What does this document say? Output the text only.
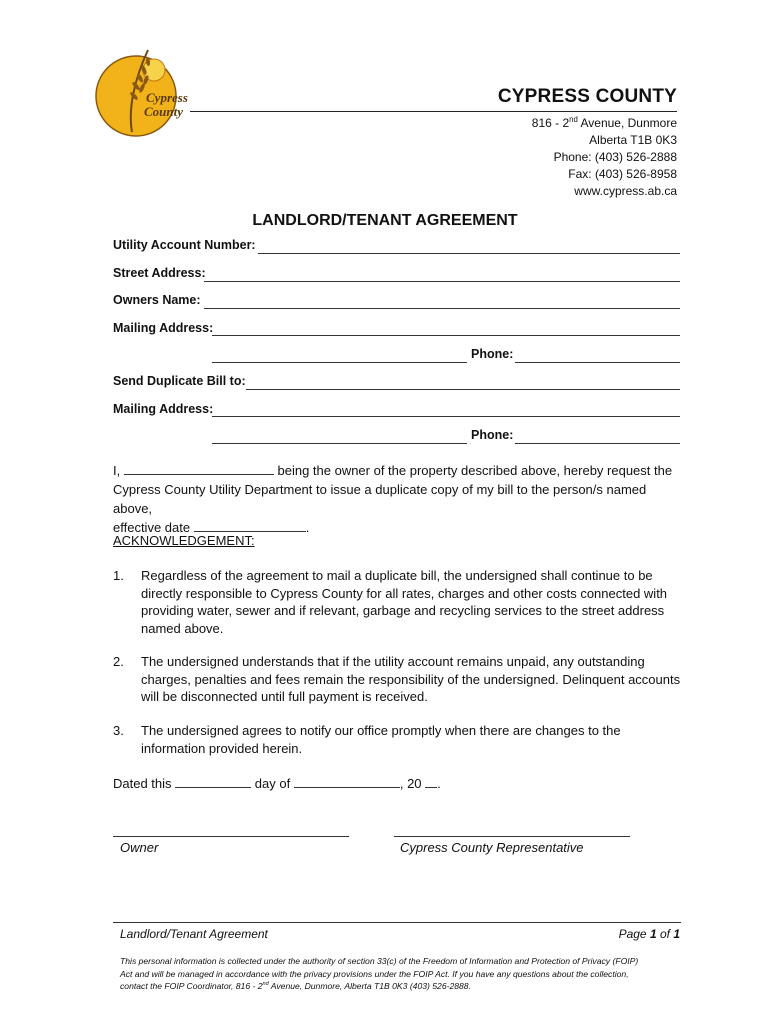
Cypress
County
CYPRESS COUNTY
816 - 2nd Avenue, Dunmore
Alberta T1B 0K3
Phone: (403) 526-2888
Fax: (403) 526-8958
www.cypress.ab.ca
LANDLORD/TENANT AGREEMENT
Utility Account Number:
Street Address:
Owners Name:
Mailing Address:
Phone:
Send Duplicate Bill to:
Mailing Address:
Phone:
I,	being the owner of the property described above, hereby request the
Cypress County Utility Department to issue a duplicate copy of my bill to the person/s named above,
effective date	.
ACKNOWLEDGEMENT:
1. Regardless of the agreement to mail a duplicate bill, the undersigned shall continue to be directly responsible to Cypress County for all rates, charges and other costs connected with providing water, sewer and if relevant, garbage and recycling services to the street address named above.
2. The undersigned understands that if the utility account remains unpaid, any outstanding charges, penalties and fees remain the responsibility of the undersigned. Delinquent accounts will be disconnected until full payment is received.
3. The undersigned agrees to notify our office promptly when there are changes to the information provided herein.
Dated this	day of	, 20 .
Owner	Cypress County Representative
Landlord/Tenant Agreement	Page 1 of 1
This personal information is collected under the authority of section 33(c) of the Freedom of Information and Protection of Privacy (FOIP)
Act and will be managed in accordance with the privacy provisions under the FOIP Act. If you have any questions about the collection,
contact the FOIP Coordinator, 816 - 2nd Avenue, Dunmore, Alberta T1B 0K3 (403) 526-2888.
